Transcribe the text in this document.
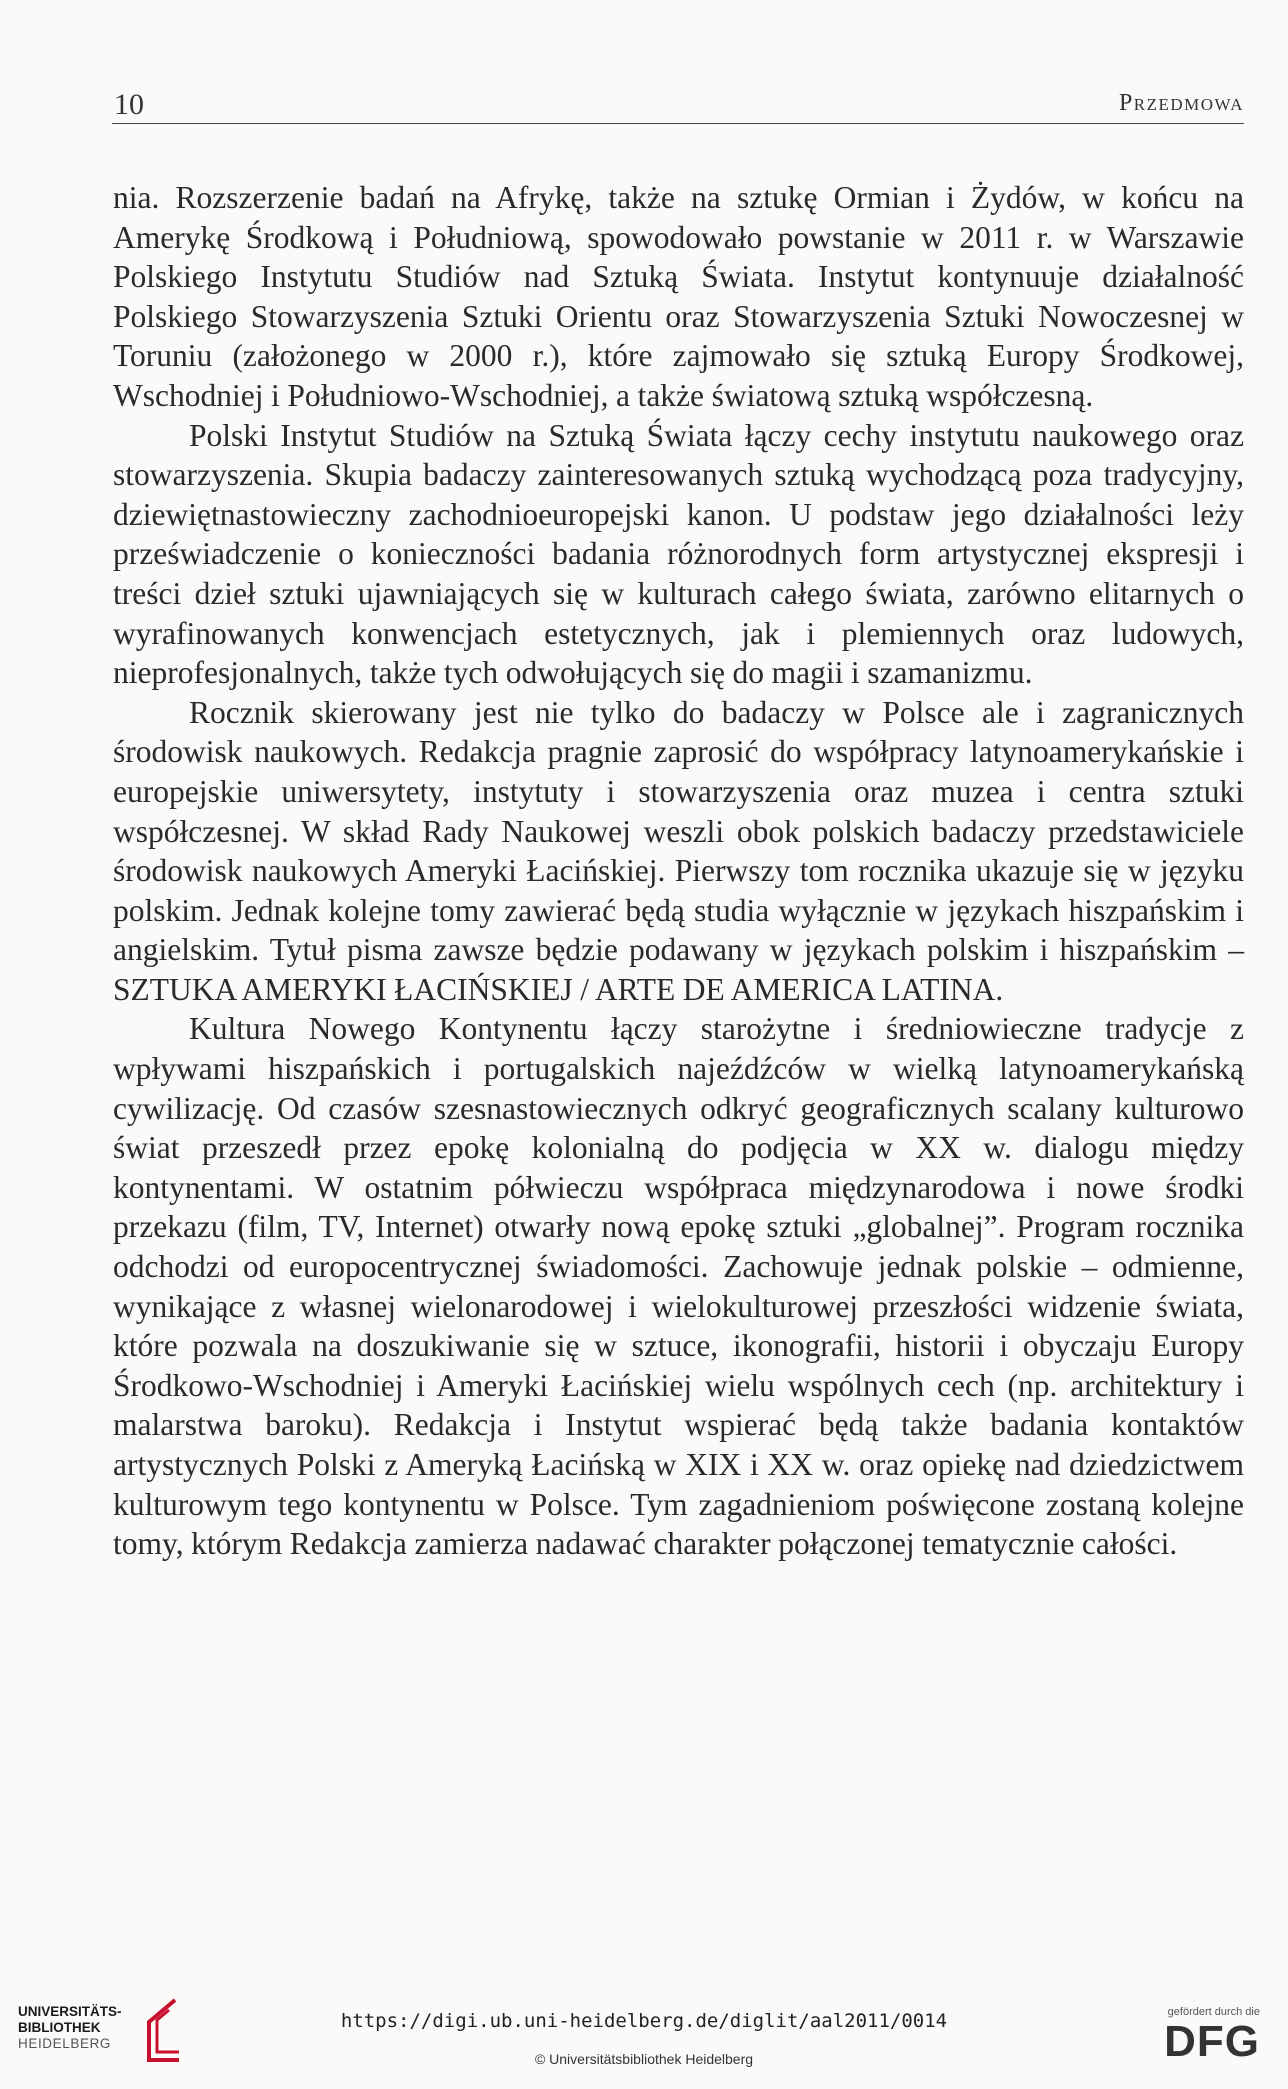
10	Przedmowa

nia. Rozszerzenie badań na Afrykę, także na sztukę Ormian i Żydów, w końcu na Amerykę Środkową i Południową, spowodowało powstanie w 2011 r. w Warszawie Polskiego Instytutu Studiów nad Sztuką Świata. Instytut kontynuuje działalność Polskiego Stowarzyszenia Sztuki Orientu oraz Stowarzyszenia Sztuki Nowoczesnej w Toruniu (założonego w 2000 r.), które zajmowało się sztuką Europy Środkowej, Wschodniej i Południowo-Wschodniej, a także światową sztuką współczesną.

Polski Instytut Studiów na Sztuką Świata łączy cechy instytutu naukowego oraz stowarzyszenia. Skupia badaczy zainteresowanych sztuką wychodzącą poza tradycyjny, dziewiętnastowieczny zachodnioeuropejski kanon. U podstaw jego działalności leży przeświadczenie o konieczności badania różnorodnych form artystycznej ekspresji i treści dzieł sztuki ujawniających się w kulturach całego świata, zarówno elitarnych o wyrafinowanych konwencjach estetycznych, jak i plemiennych oraz ludowych, nieprofesjonalnych, także tych odwołujących się do magii i szamanizmu.

Rocznik skierowany jest nie tylko do badaczy w Polsce ale i zagranicznych środowisk naukowych. Redakcja pragnie zaprosić do współpracy latynoamerykańskie i europejskie uniwersytety, instytuty i stowarzyszenia oraz muzea i centra sztuki współczesnej. W skład Rady Naukowej weszli obok polskich badaczy przedstawiciele środowisk naukowych Ameryki Łacińskiej. Pierwszy tom rocznika ukazuje się w języku polskim. Jednak kolejne tomy zawierać będą studia wyłącznie w językach hiszpańskim i angielskim. Tytuł pisma zawsze będzie podawany w językach polskim i hiszpańskim – SZTUKA AMERYKI ŁACIŃSKIEJ / ARTE DE AMERICA LATINA.

Kultura Nowego Kontynentu łączy starożytne i średniowieczne tradycje z wpływami hiszpańskich i portugalskich najeźdźców w wielką latynoamerykańską cywilizację. Od czasów szesnastowiecznych odkryć geograficznych scalany kulturowo świat przeszedł przez epokę kolonialną do podjęcia w XX w. dialogu między kontynentami. W ostatnim półwieczu współpraca międzynarodowa i nowe środki przekazu (film, TV, Internet) otwarły nową epokę sztuki „globalnej”. Program rocznika odchodzi od europocentrycznej świadomości. Zachowuje jednak polskie – odmienne, wynikające z własnej wielonarodowej i wielokulturowej przeszłości widzenie świata, które pozwala na doszukiwanie się w sztuce, ikonografii, historii i obyczaju Europy Środkowo-Wschodniej i Ameryki Łacińskiej wielu wspólnych cech (np. architektury i malarstwa baroku). Redakcja i Instytut wspierać będą także badania kontaktów artystycznych Polski z Ameryką Łacińską w XIX i XX w. oraz opiekę nad dziedzictwem kulturowym tego kontynentu w Polsce. Tym zagadnieniom poświęcone zostaną kolejne tomy, którym Redakcja zamierza nadawać charakter połączonej tematycznie całości.

UNIVERSITÄTS-
BIBLIOTHEK
HEIDELBERG
https://digi.ub.uni-heidelberg.de/diglit/aal2011/0014
© Universitätsbibliothek Heidelberg
gefördert durch die
DFG
